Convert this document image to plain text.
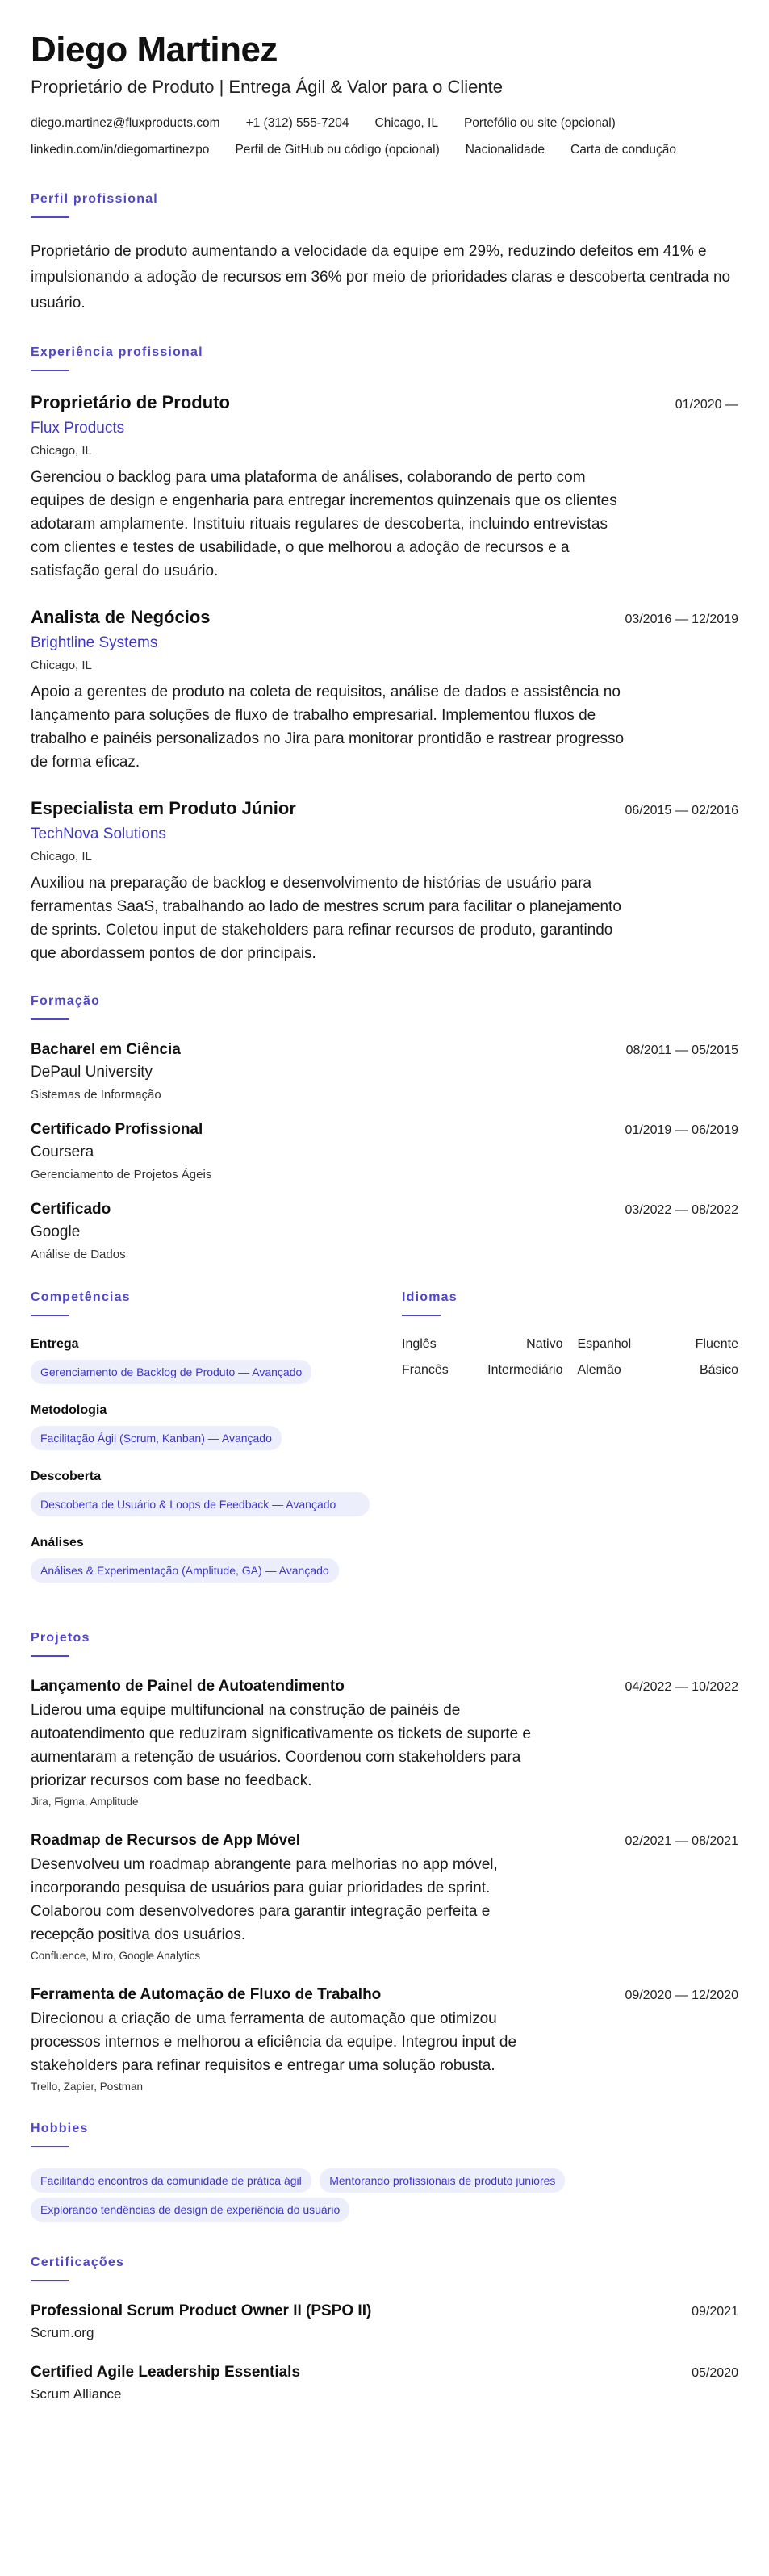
Diego Martinez
Proprietário de Produto | Entrega Ágil & Valor para o Cliente
diego.martinez@fluxproducts.com +1 (312) 555-7204 Chicago, IL Portefólio ou site (opcional)
linkedin.com/in/diegomartinezpo Perfil de GitHub ou código (opcional) Nacionalidade Carta de condução
Perfil profissional

Proprietário de produto aumentando a velocidade da equipe em 29%, reduzindo defeitos em 41% e impulsionando a adoção de recursos em 36% por meio de prioridades claras e descoberta centrada no usuário.

Experiência profissional
Proprietário de Produto	01/2020 —
Flux Products
Chicago, IL

Gerenciou o backlog para uma plataforma de análises, colaborando de perto com equipes de design e engenharia para entregar incrementos quinzenais que os clientes adotaram amplamente. Instituiu rituais regulares de descoberta, incluindo entrevistas com clientes e testes de usabilidade, o que melhorou a adoção de recursos e a satisfação geral do usuário.

Analista de Negócios	03/2016 — 12/2019
Brightline Systems
Chicago, IL

Apoio a gerentes de produto na coleta de requisitos, análise de dados e assistência no lançamento para soluções de fluxo de trabalho empresarial. Implementou fluxos de trabalho e painéis personalizados no Jira para monitorar prontidão e rastrear progresso de forma eficaz.

Especialista em Produto Júnior	06/2015 — 02/2016
TechNova Solutions
Chicago, IL

Auxiliou na preparação de backlog e desenvolvimento de histórias de usuário para ferramentas SaaS, trabalhando ao lado de mestres scrum para facilitar o planejamento de sprints. Coletou input de stakeholders para refinar recursos de produto, garantindo que abordassem pontos de dor principais.

Formação
Bacharel em Ciência	08/2011 — 05/2015
DePaul University
Sistemas de Informação
Certificado Profissional	01/2019 — 06/2019
Coursera
Gerenciamento de Projetos Ágeis
Certificado	03/2022 — 08/2022
Google
Análise de Dados
Competências
Entrega
Gerenciamento de Backlog de Produto — Avançado
Metodologia
Facilitação Ágil (Scrum, Kanban) — Avançado
Descoberta
Descoberta de Usuário & Loops de Feedback — Avançado
Análises
Análises & Experimentação (Amplitude, GA) — Avançado
Idiomas
Inglês	Nativo Espanhol	Fluente
Francês	Intermediário Alemão	Básico
Projetos
Lançamento de Painel de Autoatendimento	04/2022 — 10/2022

Liderou uma equipe multifuncional na construção de painéis de autoatendimento que reduziram significativamente os tickets de suporte e aumentaram a retenção de usuários. Coordenou com stakeholders para priorizar recursos com base no feedback.

Jira, Figma, Amplitude
Roadmap de Recursos de App Móvel	02/2021 — 08/2021

Desenvolveu um roadmap abrangente para melhorias no app móvel, incorporando pesquisa de usuários para guiar prioridades de sprint. Colaborou com desenvolvedores para garantir integração perfeita e recepção positiva dos usuários.

Confluence, Miro, Google Analytics
Ferramenta de Automação de Fluxo de Trabalho	09/2020 — 12/2020

Direcionou a criação de uma ferramenta de automação que otimizou processos internos e melhorou a eficiência da equipe. Integrou input de stakeholders para refinar requisitos e entregar uma solução robusta.

Trello, Zapier, Postman
Hobbies
Facilitando encontros da comunidade de prática ágil Mentorando profissionais de produto juniores
Explorando tendências de design de experiência do usuário
Certificações
Professional Scrum Product Owner II (PSPO II)	09/2021
Scrum.org
Certified Agile Leadership Essentials	05/2020
Scrum Alliance
